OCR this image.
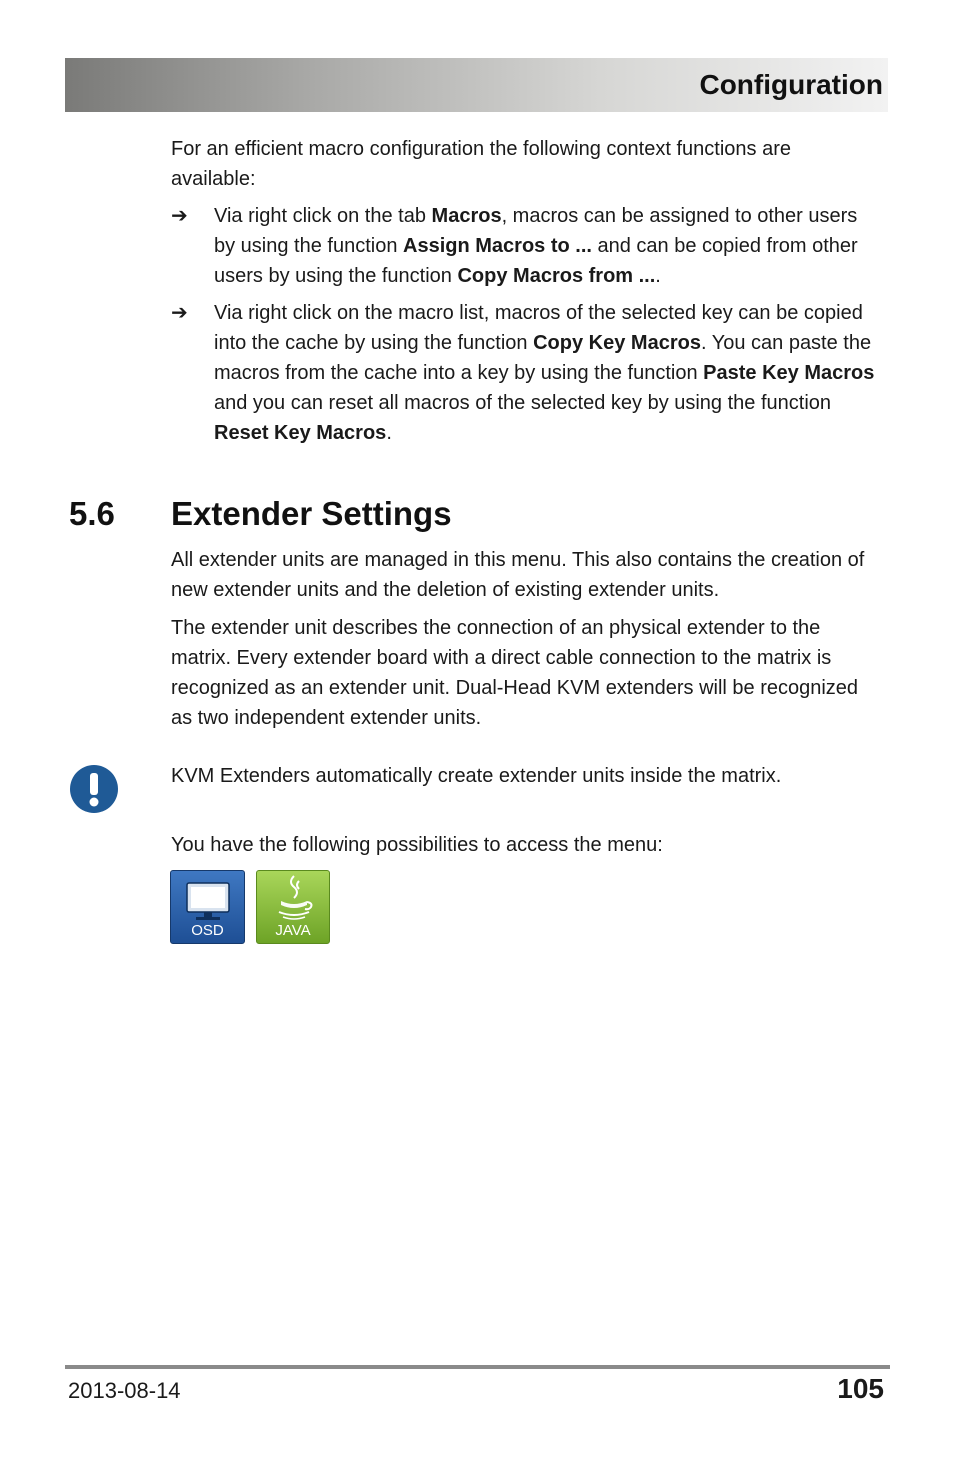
Configuration

For an efficient macro configuration the following context functions are available:

➔ Via right click on the tab Macros, macros can be assigned to other users by using the function Assign Macros to ... and can be copied from other users by using the function Copy Macros from ....
➔ Via right click on the macro list, macros of the selected key can be copied into the cache by using the function Copy Key Macros. You can paste the macros from the cache into a key by using the function Paste Key Macros and you can reset all macros of the selected key by using the function Reset Key Macros.
5.6 Extender Settings

All extender units are managed in this menu. This also contains the creation of new extender units and the deletion of existing extender units.

The extender unit describes the connection of an physical extender to the matrix. Every extender board with a direct cable connection to the matrix is recognized as an extender unit. Dual-Head KVM extenders will be recognized as two independent extender units.

KVM Extenders automatically create extender units inside the matrix.

You have the following possibilities to access the menu:

OSD	JAVA
2013-08-14	105
